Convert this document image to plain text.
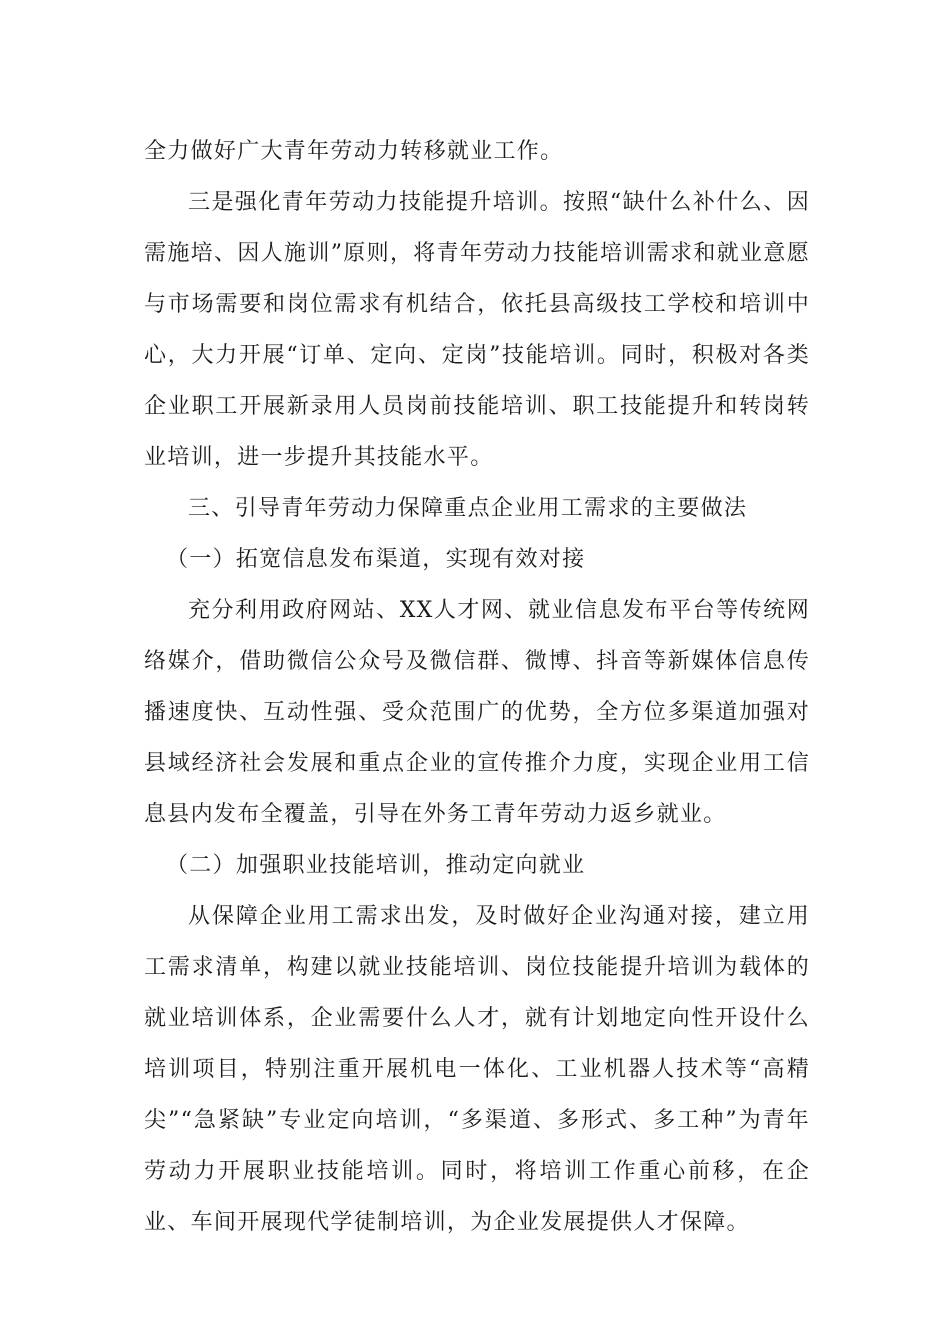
全力做好广大青年劳动力转移就业工作。

三是强化青年劳动力技能提升培训。按照“缺什么补什么、因需施培、因人施训”原则，将青年劳动力技能培训需求和就业意愿与市场需要和岗位需求有机结合，依托县高级技工学校和培训中心，大力开展“订单、定向、定岗”技能培训。同时，积极对各类企业职工开展新录用人员岗前技能培训、职工技能提升和转岗转业培训，进一步提升其技能水平。

三、引导青年劳动力保障重点企业用工需求的主要做法

（一）拓宽信息发布渠道，实现有效对接

充分利用政府网站、XX人才网、就业信息发布平台等传统网络媒介，借助微信公众号及微信群、微博、抖音等新媒体信息传播速度快、互动性强、受众范围广的优势，全方位多渠道加强对县域经济社会发展和重点企业的宣传推介力度，实现企业用工信息县内发布全覆盖，引导在外务工青年劳动力返乡就业。

（二）加强职业技能培训，推动定向就业

从保障企业用工需求出发，及时做好企业沟通对接，建立用工需求清单，构建以就业技能培训、岗位技能提升培训为载体的就业培训体系，企业需要什么人才，就有计划地定向性开设什么培训项目，特别注重开展机电一体化、工业机器人技术等“高精尖”“急紧缺”专业定向培训，“多渠道、多形式、多工种”为青年劳动力开展职业技能培训。同时，将培训工作重心前移，在企业、车间开展现代学徒制培训，为企业发展提供人才保障。
